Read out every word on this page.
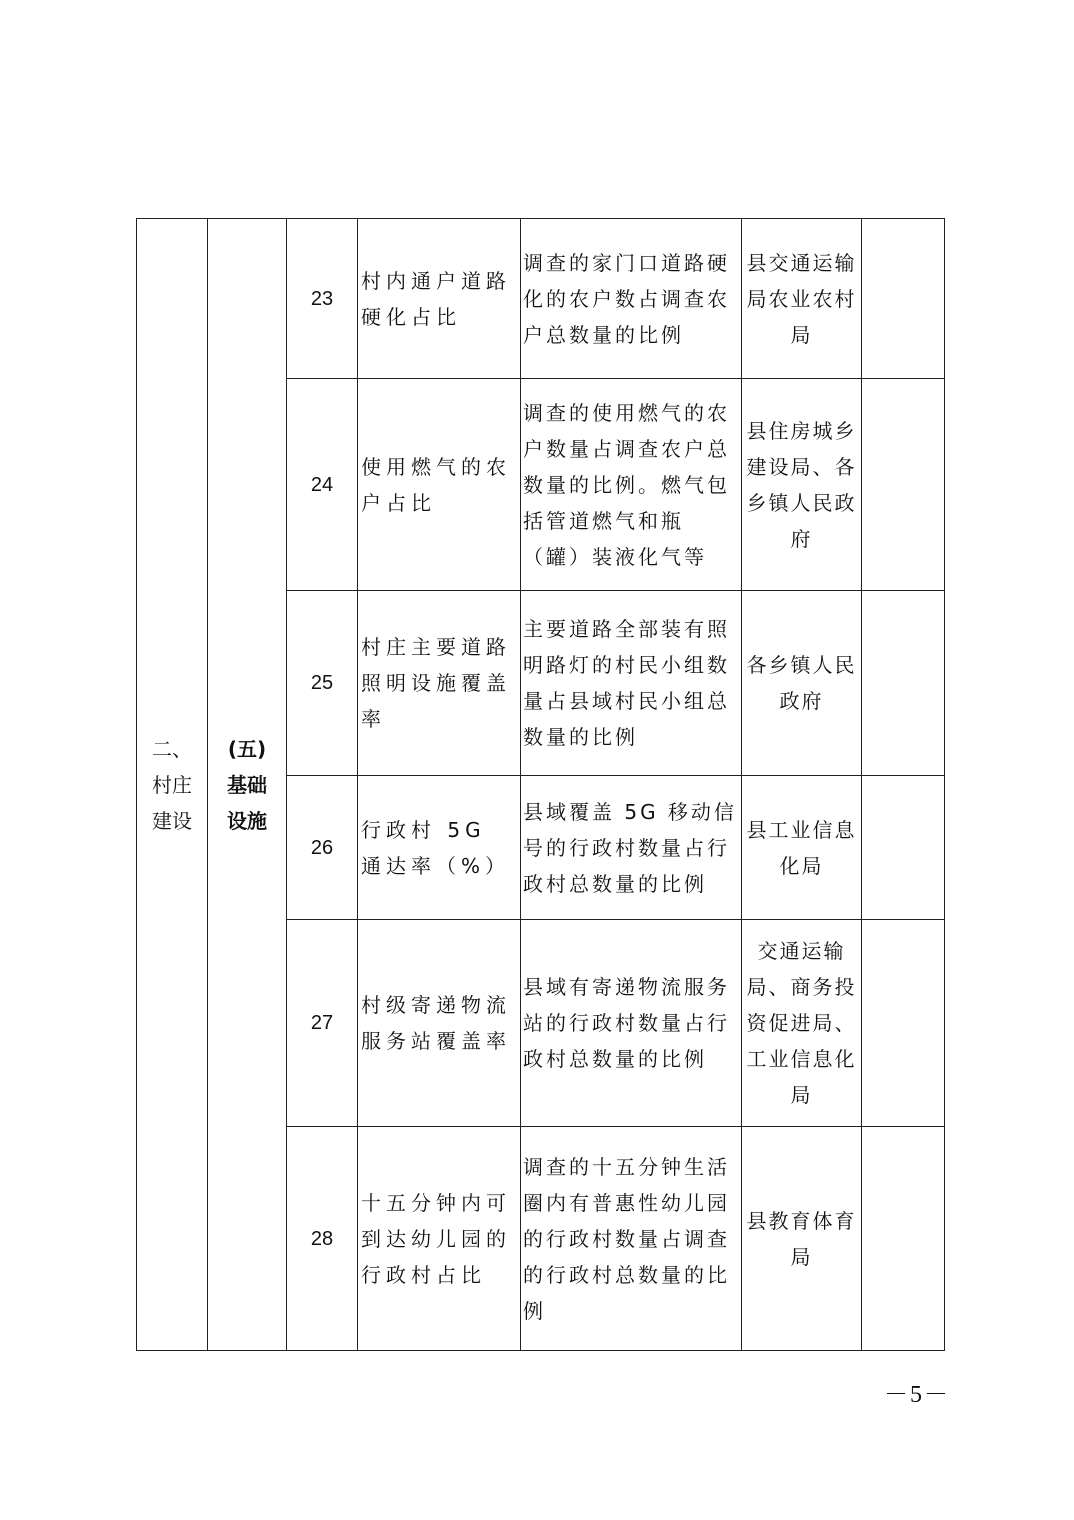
二、
村庄
建设	(五)
基础
设施	23	村内通户道路硬化占比	调查的家门口道路硬化的农户数占调查农户总数量的比例	县交通运输局农业农村局	
		24	使用燃气的农户占比	调查的使用燃气的农户数量占调查农户总数量的比例。燃气包括管道燃气和瓶（罐）装液化气等	县住房城乡建设局、各乡镇人民政府	
		25	村庄主要道路照明设施覆盖率	主要道路全部装有照明路灯的村民小组数量占县域村民小组总数量的比例	各乡镇人民政府	
		26	行政村 5G 通达率（%）	县域覆盖 5G 移动信号的行政村数量占行政村总数量的比例	县工业信息化局	
		27	村级寄递物流服务站覆盖率	县域有寄递物流服务站的行政村数量占行政村总数量的比例	交通运输局、商务投资促进局、工业信息化局	
		28	十五分钟内可到达幼儿园的行政村占比	调查的十五分钟生活圈内有普惠性幼儿园的行政村数量占调查的行政村总数量的比例	县教育体育局	
－5－
